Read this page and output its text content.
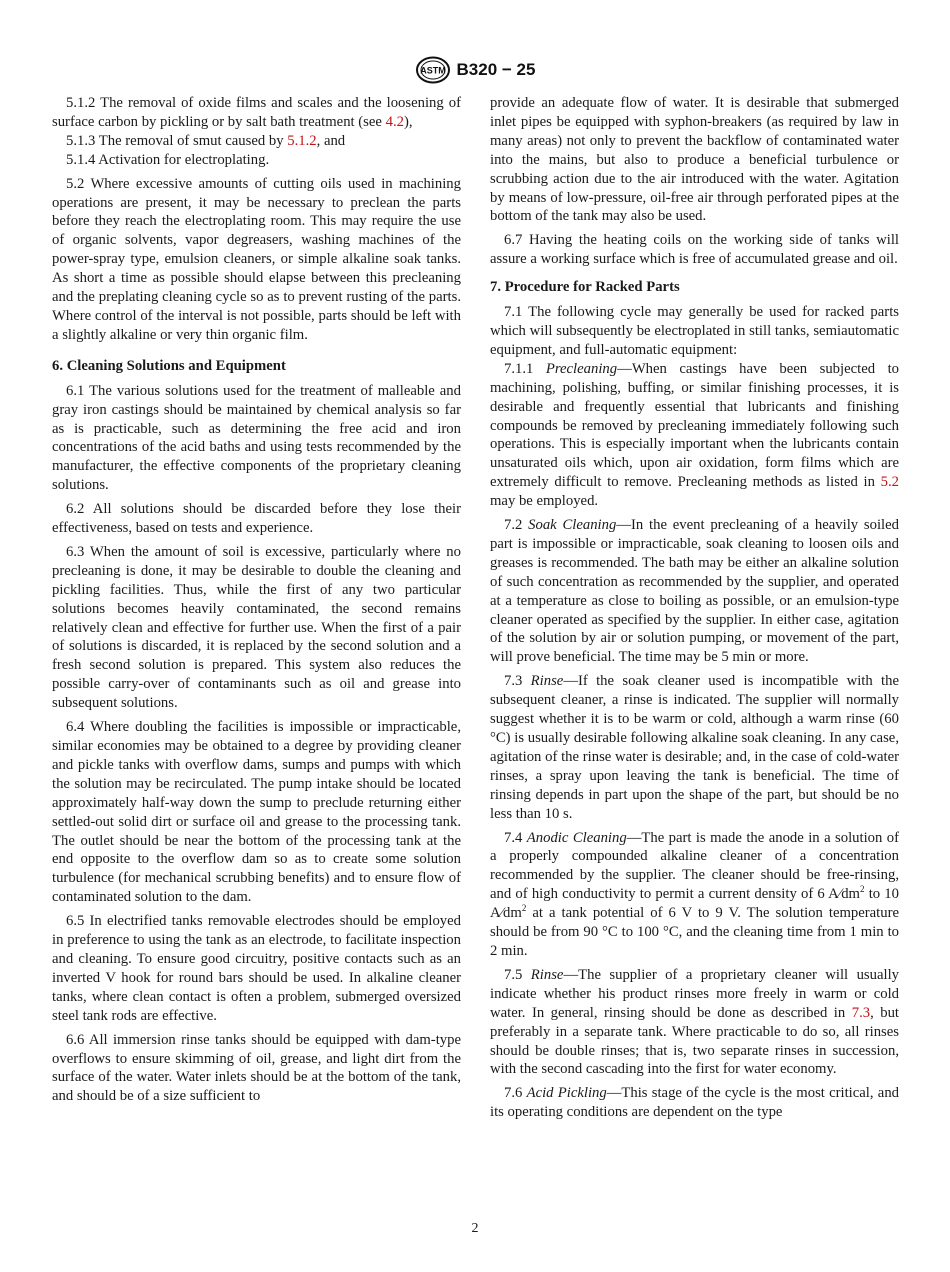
ASTM B320 − 25

5.1.2 The removal of oxide films and scales and the loosening of surface carbon by pickling or by salt bath treatment (see 4.2),

5.1.3 The removal of smut caused by 5.1.2, and

5.1.4 Activation for electroplating.

5.2 Where excessive amounts of cutting oils used in machining operations are present, it may be necessary to preclean the parts before they reach the electroplating room. This may require the use of organic solvents, vapor degreasers, washing machines of the power-spray type, emulsion cleaners, or simple alkaline soak tanks. As short a time as possible should elapse between this precleaning and the preplating cleaning cycle so as to prevent rusting of the parts. Where control of the interval is not possible, parts should be left with a slightly alkaline or very thin organic film.

6. Cleaning Solutions and Equipment

6.1 The various solutions used for the treatment of malleable and gray iron castings should be maintained by chemical analysis so far as is practicable, such as determining the free acid and iron concentrations of the acid baths and using tests recommended by the manufacturer, the effective components of the proprietary cleaning solutions.

6.2 All solutions should be discarded before they lose their effectiveness, based on tests and experience.

6.3 When the amount of soil is excessive, particularly where no precleaning is done, it may be desirable to double the cleaning and pickling facilities. Thus, while the first of any two particular solutions becomes heavily contaminated, the second remains relatively clean and effective for further use. When the first of a pair of solutions is discarded, it is replaced by the second solution and a fresh second solution is prepared. This system also reduces the possible carry-over of contaminants such as oil and grease into subsequent solutions.

6.4 Where doubling the facilities is impossible or impracticable, similar economies may be obtained to a degree by providing cleaner and pickle tanks with overflow dams, sumps and pumps with which the solution may be recirculated. The pump intake should be located approximately half-way down the sump to preclude returning either settled-out solid dirt or surface oil and grease to the processing tank. The outlet should be near the bottom of the processing tank at the end opposite to the overflow dam so as to create some solution turbulence (for mechanical scrubbing benefits) and to ensure flow of contaminated solution to the dam.

6.5 In electrified tanks removable electrodes should be employed in preference to using the tank as an electrode, to facilitate inspection and cleaning. To ensure good circuitry, positive contacts such as an inverted V hook for round bars should be used. In alkaline cleaner tanks, where clean contact is often a problem, submerged oversized steel tank rods are effective.

6.6 All immersion rinse tanks should be equipped with dam-type overflows to ensure skimming of oil, grease, and light dirt from the surface of the water. Water inlets should be at the bottom of the tank, and should be of a size sufficient to

provide an adequate flow of water. It is desirable that submerged inlet pipes be equipped with syphon-breakers (as required by law in many areas) not only to prevent the backflow of contaminated water into the mains, but also to produce a beneficial turbulence or scrubbing action due to the air introduced with the water. Agitation by means of low-pressure, oil-free air through perforated pipes at the bottom of the tank may also be used.

6.7 Having the heating coils on the working side of tanks will assure a working surface which is free of accumulated grease and oil.

7. Procedure for Racked Parts

7.1 The following cycle may generally be used for racked parts which will subsequently be electroplated in still tanks, semiautomatic equipment, and full-automatic equipment:

7.1.1 Precleaning—When castings have been subjected to machining, polishing, buffing, or similar finishing processes, it is desirable and frequently essential that lubricants and finishing compounds be removed by precleaning immediately following such operations. This is especially important when the lubricants contain unsaturated oils which, upon air oxidation, form films which are extremely difficult to remove. Precleaning methods as listed in 5.2 may be employed.

7.2 Soak Cleaning—In the event precleaning of a heavily soiled part is impossible or impracticable, soak cleaning to loosen oils and greases is recommended. The bath may be either an alkaline solution of such concentration as recommended by the supplier, and operated at a temperature as close to boiling as possible, or an emulsion-type cleaner operated as specified by the supplier. In either case, agitation of the solution by air or solution pumping, or movement of the part, will prove beneficial. The time may be 5 min or more.

7.3 Rinse—If the soak cleaner used is incompatible with the subsequent cleaner, a rinse is indicated. The supplier will normally suggest whether it is to be warm or cold, although a warm rinse (60 °C) is usually desirable following alkaline soak cleaning. In any case, agitation of the rinse water is desirable; and, in the case of cold-water rinses, a spray upon leaving the tank is beneficial. The time of rinsing depends in part upon the shape of the part, but should be no less than 10 s.

7.4 Anodic Cleaning—The part is made the anode in a solution of a properly compounded alkaline cleaner of a concentration recommended by the supplier. The cleaner should be free-rinsing, and of high conductivity to permit a current density of 6 $A⁄dm^2$ to 10 $A⁄dm^2$ at a tank potential of 6 V to 9 V. The solution temperature should be from 90 °C to 100 °C, and the cleaning time from 1 min to 2 min.

7.5 Rinse—The supplier of a proprietary cleaner will usually indicate whether his product rinses more freely in warm or cold water. In general, rinsing should be done as described in 7.3, but preferably in a separate tank. Where practicable to do so, all rinses should be double rinses; that is, two separate rinses in succession, with the second cascading into the first for water economy.

7.6 Acid Pickling—This stage of the cycle is the most critical, and its operating conditions are dependent on the type

2
